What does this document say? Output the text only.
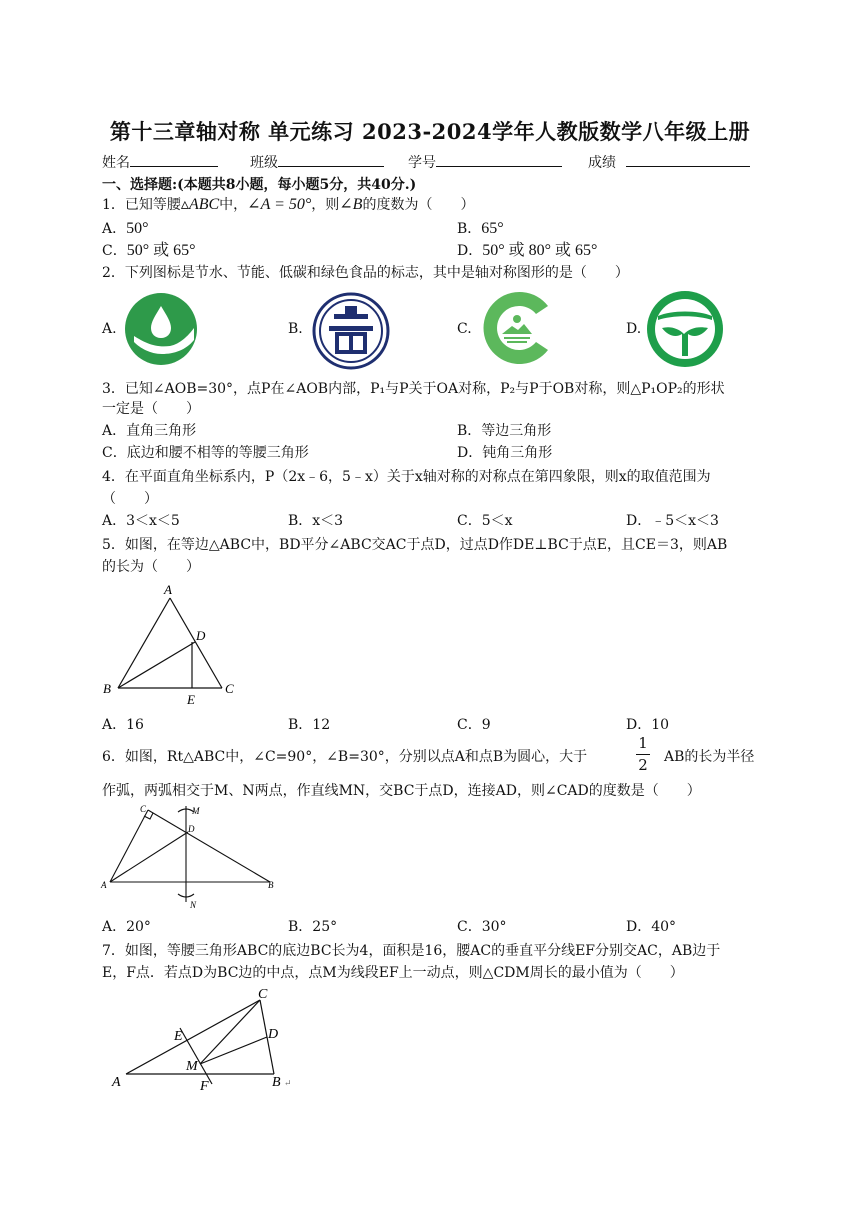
第十三章轴对称 单元练习 2023-2024学年人教版数学八年级上册
姓名	班级	学号	成绩
一、选择题:(本题共8小题，每小题5分，共40分.)
1．已知等腰▵ABC中，∠A = 50°，则∠B的度数为（　　）
A．50°	B．65°
C．50° 或 65°	D．50° 或 80° 或 65°
2．下列图标是节水、节能、低碳和绿色食品的标志，其中是轴对称图形的是（　　）
A.	B.	C.	D.
3．已知∠AOB=30°，点P在∠AOB内部，P₁与P关于OA对称，P₂与P于OB对称，则△P₁OP₂的形状
一定是（　　）
A．直角三角形	B．等边三角形
C．底边和腰不相等的等腰三角形	D．钝角三角形
4．在平面直角坐标系内，P（2x﹣6，5﹣x）关于x轴对称的对称点在第四象限，则x的取值范围为
（　　）
A．3＜x＜5	B．x＜3	C．5＜x	D．﹣5＜x＜3
5．如图，在等边△ABC中，BD平分∠ABC交AC于点D，过点D作DE⊥BC于点E，且CE＝3，则AB
的长为（　　）
A
D
B
E
C
A．16	B．12	C．9	D．10
6．如图，Rt△ABC中，∠C=90°，∠B=30°，分别以点A和点B为圆心，大于
1
2 AB的长为半径
作弧，两弧相交于M、N两点，作直线MN，交BC于点D，连接AD，则∠CAD的度数是（　　）
C	M
D
A	B
N
A．20°	B．25°	C．30°	D．40°
7．如图，等腰三角形ABC的底边BC长为4，面积是16，腰AC的垂直平分线EF分别交AC，AB边于
E，F点．若点D为BC边的中点，点M为线段EF上一动点，则△CDM周长的最小值为（　　）
C
E	D
M
A	F	B ↵
